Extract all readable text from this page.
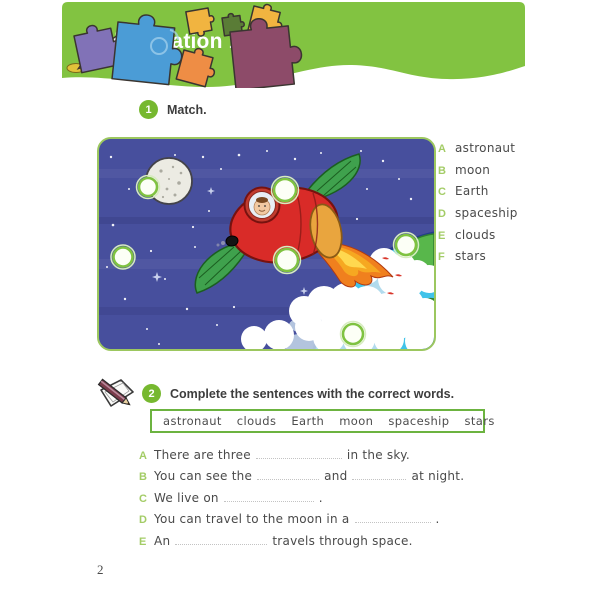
Station
1	Match.
A astronaut
B moon
C Earth
D spaceship
E clouds
F stars
2	Complete the sentences with the correct words.
astronaut clouds Earth moon spaceship stars
A There are three	in the sky.
B You can see the	and	at night.
C We live on	.
D You can travel to the moon in a	.
E An	travels through space.
2
